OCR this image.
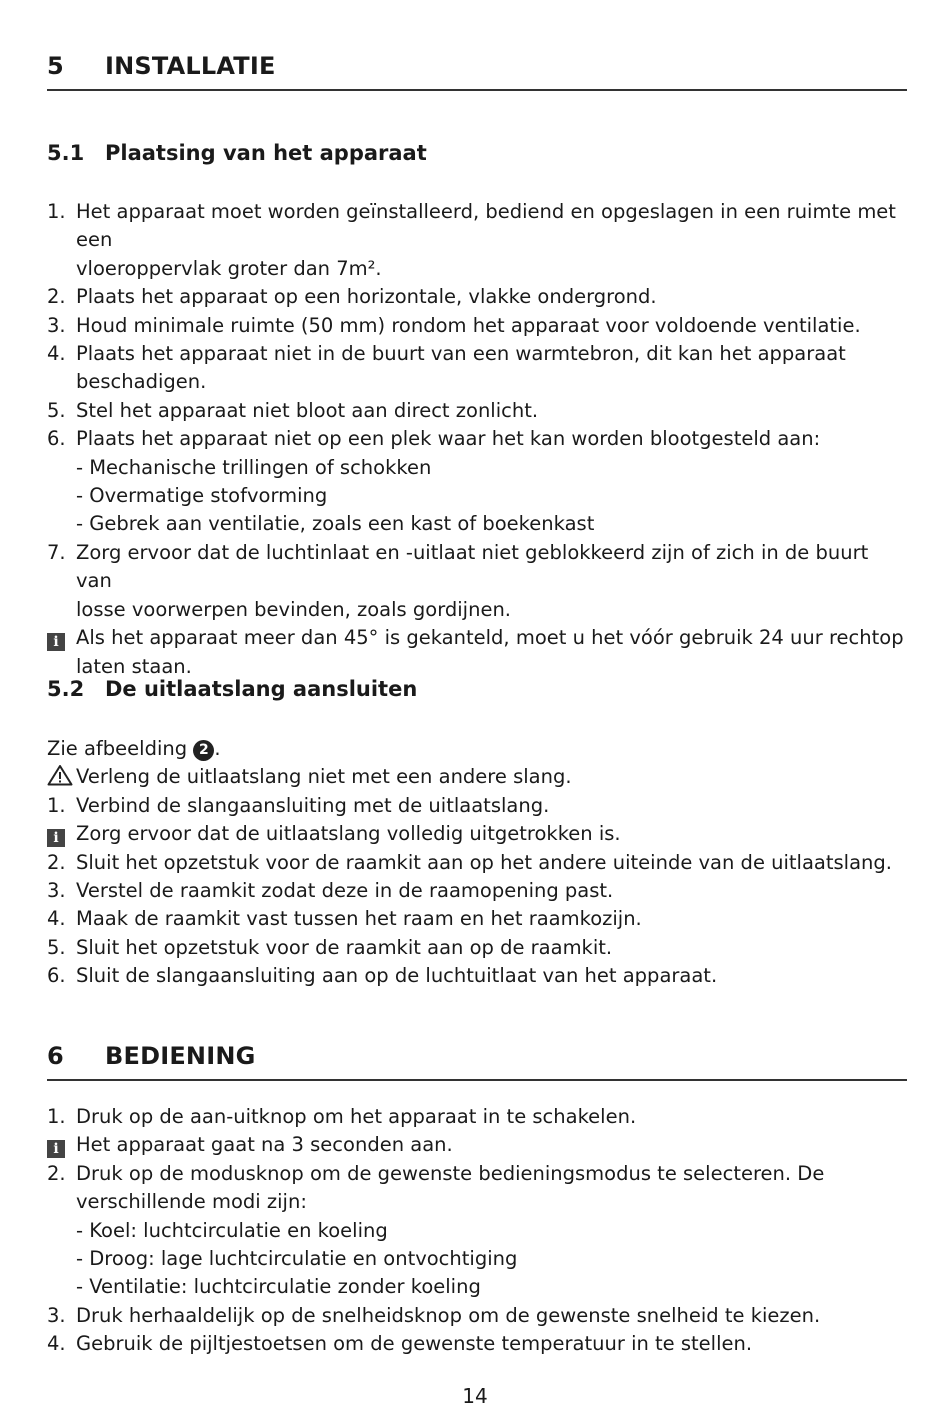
5 INSTALLATIE
5.1 Plaatsing van het apparaat
1. Het apparaat moet worden geïnstalleerd, bediend en opgeslagen in een ruimte met een
vloeroppervlak groter dan 7m².
2. Plaats het apparaat op een horizontale, vlakke ondergrond.
3. Houd minimale ruimte (50 mm) rondom het apparaat voor voldoende ventilatie.
4. Plaats het apparaat niet in de buurt van een warmtebron, dit kan het apparaat
beschadigen.
5. Stel het apparaat niet bloot aan direct zonlicht.
6. Plaats het apparaat niet op een plek waar het kan worden blootgesteld aan:
- Mechanische trillingen of schokken
- Overmatige stofvorming
- Gebrek aan ventilatie, zoals een kast of boekenkast
7. Zorg ervoor dat de luchtinlaat en -uitlaat niet geblokkeerd zijn of zich in de buurt van
losse voorwerpen bevinden, zoals gordijnen.
i Als het apparaat meer dan 45° is gekanteld, moet u het vóór gebruik 24 uur rechtop
laten staan.
5.2 De uitlaatslang aansluiten
Zie afbeelding 2 .
Verleng de uitlaatslang niet met een andere slang.
1. Verbind de slangaansluiting met de uitlaatslang.
i Zorg ervoor dat de uitlaatslang volledig uitgetrokken is.
2. Sluit het opzetstuk voor de raamkit aan op het andere uiteinde van de uitlaatslang.
3. Verstel de raamkit zodat deze in de raamopening past.
4. Maak de raamkit vast tussen het raam en het raamkozijn.
5. Sluit het opzetstuk voor de raamkit aan op de raamkit.
6. Sluit de slangaansluiting aan op de luchtuitlaat van het apparaat.
6 BEDIENING
1. Druk op de aan-uitknop om het apparaat in te schakelen.
i Het apparaat gaat na 3 seconden aan.
2. Druk op de modusknop om de gewenste bedieningsmodus te selecteren. De
verschillende modi zijn:
- Koel: luchtcirculatie en koeling
- Droog: lage luchtcirculatie en ontvochtiging
- Ventilatie: luchtcirculatie zonder koeling
3. Druk herhaaldelijk op de snelheidsknop om de gewenste snelheid te kiezen.
4. Gebruik de pijltjestoetsen om de gewenste temperatuur in te stellen.
14
